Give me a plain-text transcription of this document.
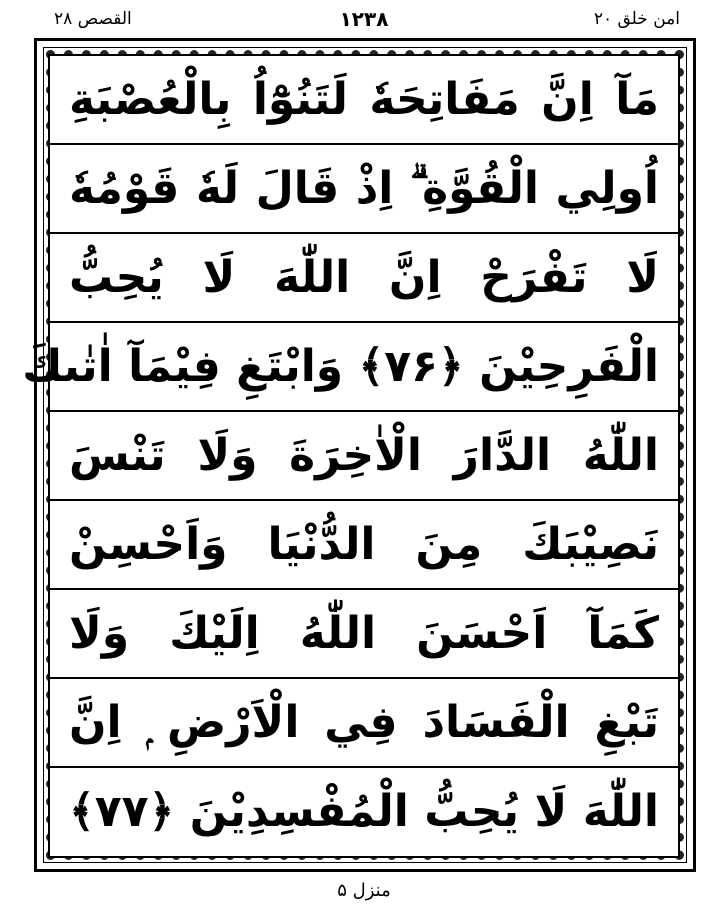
القصص ۲۸	۱۲۳۸	امن خلق ۲۰
مَآ اِنَّ مَفَاتِحَهٗ لَتَنُوْٓاُ بِالْعُصْبَةِ
اُولِي الْقُوَّةِ ۗ اِذْ قَالَ لَهٗ قَوْمُهٗ
لَا تَفْرَحْ اِنَّ اللّٰهَ لَا يُحِبُّ
الْفَرِحِيْنَ ﴿۷۶﴾ وَابْتَغِ فِيْمَآ اٰتٰىكَ
اللّٰهُ الدَّارَ الْاٰخِرَةَ وَلَا تَنْسَ
نَصِيْبَكَ مِنَ الدُّنْيَا وَاَحْسِنْ
كَمَآ اَحْسَنَ اللّٰهُ اِلَيْكَ وَلَا
تَبْغِ الْفَسَادَ فِي الْاَرْضِ ۭ اِنَّ
اللّٰهَ لَا يُحِبُّ الْمُفْسِدِيْنَ ﴿۷۷﴾
منزل ۵
